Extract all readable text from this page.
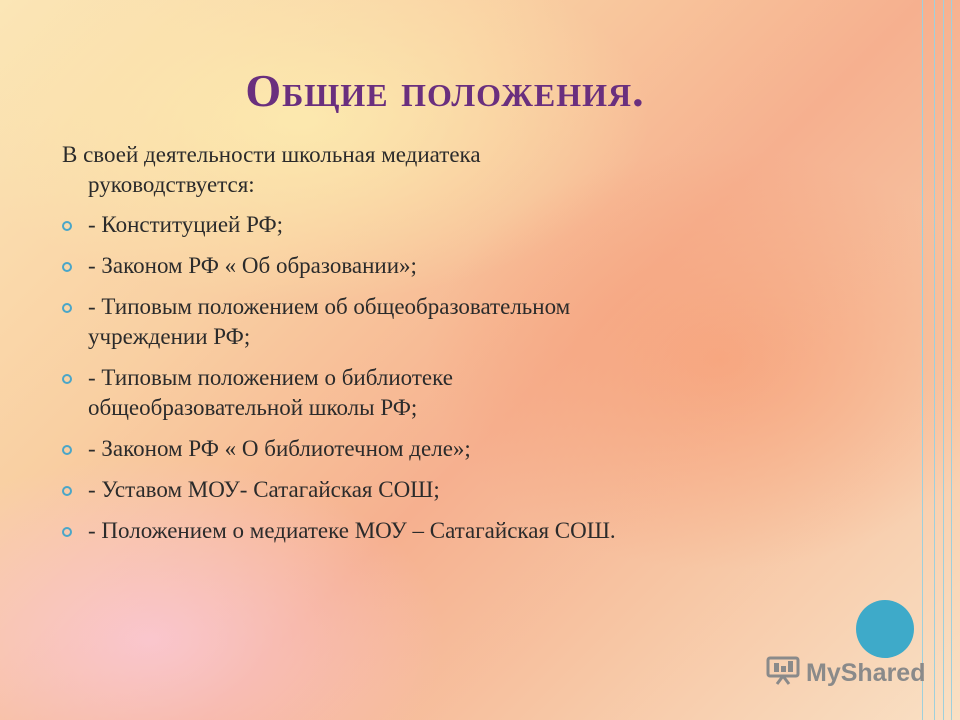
Общие положения.

В своей деятельности школьная медиатека
руководствуется:

- Конституцией РФ;
- Законом РФ « Об образовании»;
- Типовым положением об общеобразовательном
учреждении РФ;
- Типовым положением о библиотеке
общеобразовательной школы РФ;
- Законом РФ « О библиотечном деле»;
- Уставом МОУ- Сатагайская СОШ;
- Положением о медиатеке МОУ – Сатагайская СОШ.
MyShared
